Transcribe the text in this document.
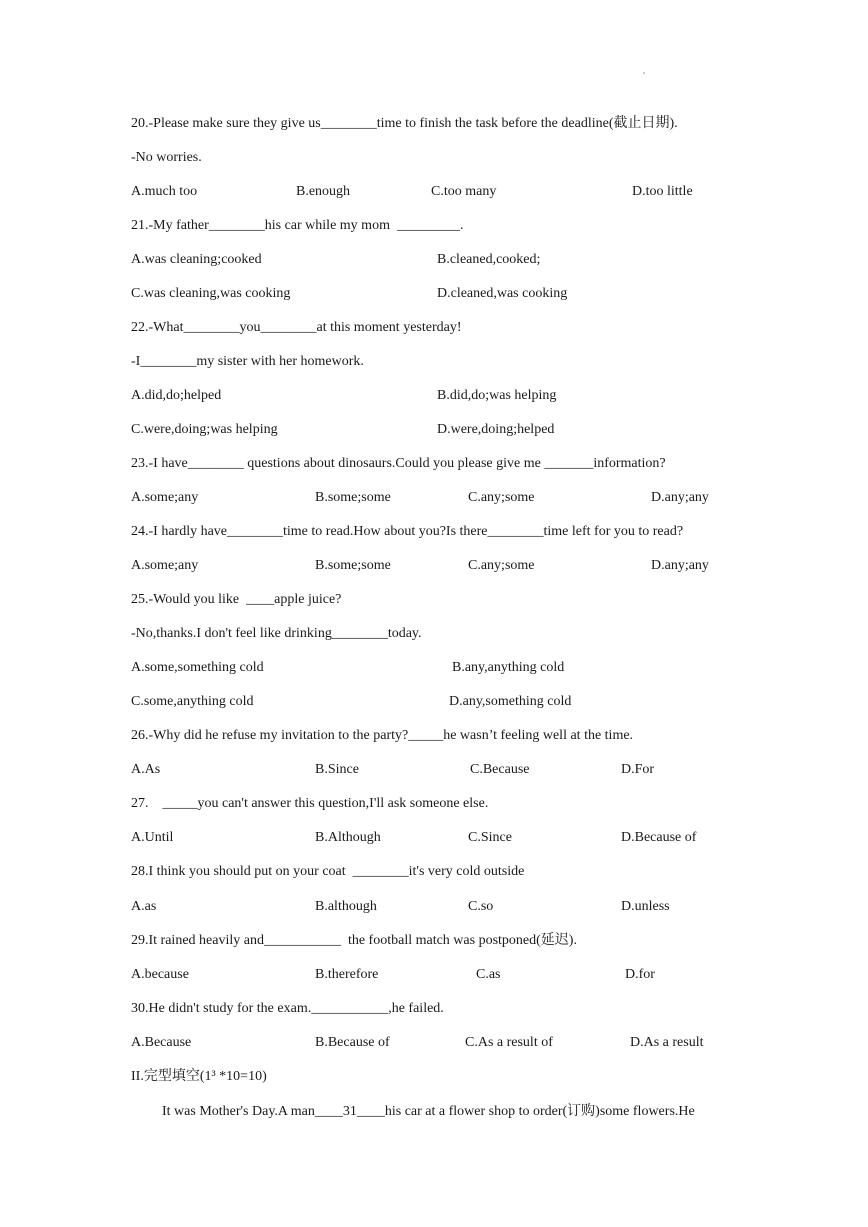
20.-Please make sure they give us________time to finish the task before the deadline(截止日期).
-No worries.
A.much too	B.enough	C.too many	D.too little
21.-My father________his car while my mom  _________.
A.was cleaning;cooked	B.cleaned,cooked;
C.was cleaning,was cooking	D.cleaned,was cooking
22.-What________you________at this moment yesterday!
-I________my sister with her homework.
A.did,do;helped	B.did,do;was helping
C.were,doing;was helping	D.were,doing;helped
23.-I have________ questions about dinosaurs.Could you please give me _______information?
A.some;any	B.some;some	C.any;some	D.any;any
24.-I hardly have________time to read.How about you?Is there________time left for you to read?
A.some;any	B.some;some	C.any;some	D.any;any
25.-Would you like  ____apple juice?
-No,thanks.I don't feel like drinking________today.
A.some,something cold	B.any,anything cold
C.some,anything cold	D.any,something cold
26.-Why did he refuse my invitation to the party?_____he wasn’t feeling well at the time.
A.As	B.Since	C.Because	D.For
27.    _____you can't answer this question,I'll ask someone else.
A.Until	B.Although	C.Since	D.Because of
28.I think you should put on your coat  ________it's very cold outside
A.as	B.although	C.so	D.unless
29.It rained heavily and___________  the football match was postponed(延迟).
A.because	B.therefore	C.as	D.for
30.He didn't study for the exam.___________,he failed.
A.Because	B.Because of	C.As a result of	D.As a result
II.完型填空(1³ *10=10)
It was Mother's Day.A man____31____his car at a flower shop to order(订购)some flowers.He
